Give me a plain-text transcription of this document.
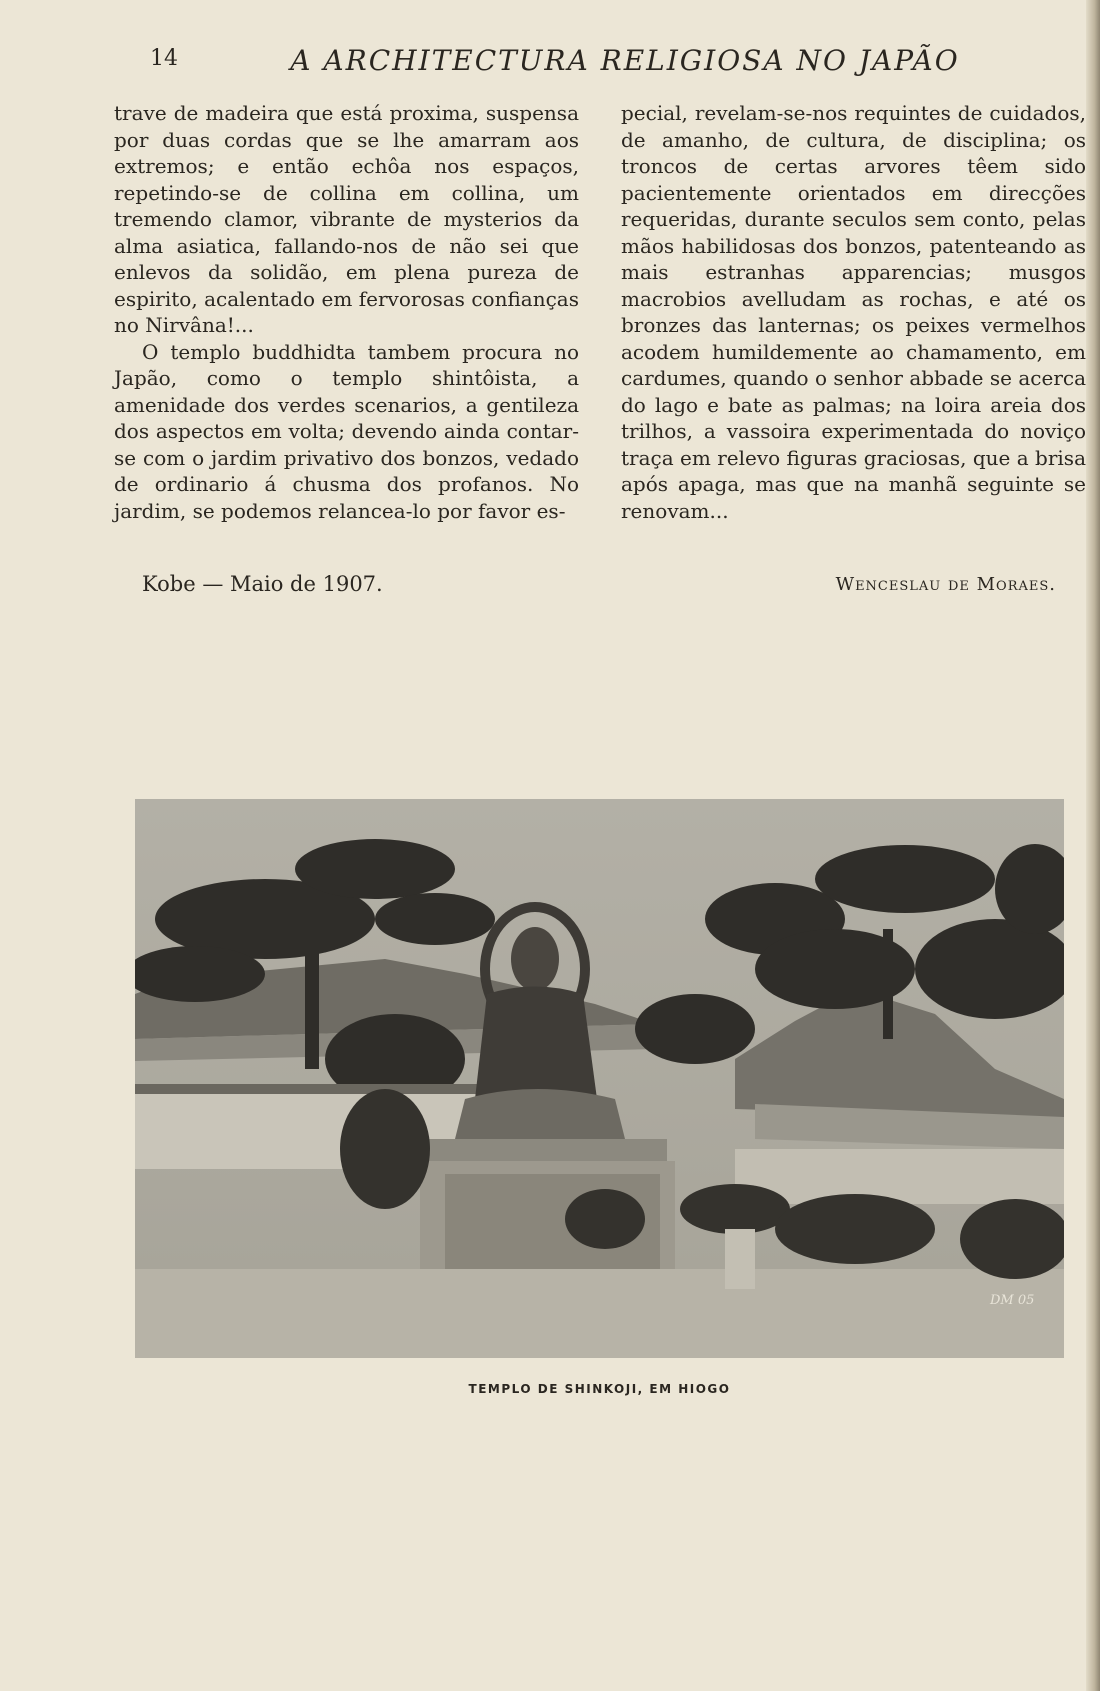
14	A ARCHITECTURA RELIGIOSA NO JAPÃO

trave de madeira que está proxima, suspensa por duas cordas que se lhe amarram aos extremos; e então echôa nos espaços, repetindo-se de collina em collina, um tremendo clamor, vibrante de mysterios da alma asiatica, fallando-nos de não sei que enlevos da solidão, em plena pureza de espirito, acalentado em fervorosas confianças no Nirvâna!...

O templo buddhidta tambem procura no Japão, como o templo shintôista, a amenidade dos verdes scenarios, a gentileza dos aspectos em volta; devendo ainda contar-se com o jardim privativo dos bonzos, vedado de ordinario á chusma dos profanos. No jardim, se podemos relancea-lo por favor es-

pecial, revelam-se-nos requintes de cuidados, de amanho, de cultura, de disciplina; os troncos de certas arvores têem sido pacientemente orientados em direcções requeridas, durante seculos sem conto, pelas mãos habilidosas dos bonzos, patenteando as mais estranhas apparencias; musgos macrobios avelludam as rochas, e até os bronzes das lanternas; os peixes vermelhos acodem humildemente ao chamamento, em cardumes, quando o senhor abbade se acerca do lago e bate as palmas; na loira areia dos trilhos, a vassoira experimentada do noviço traça em relevo figuras graciosas, que a brisa após apaga, mas que na manhã seguinte se renovam...

Kobe — Maio de 1907.	Wenceslau de Moraes.
DM 05
TEMPLO DE SHINKOJI, EM HIOGO
